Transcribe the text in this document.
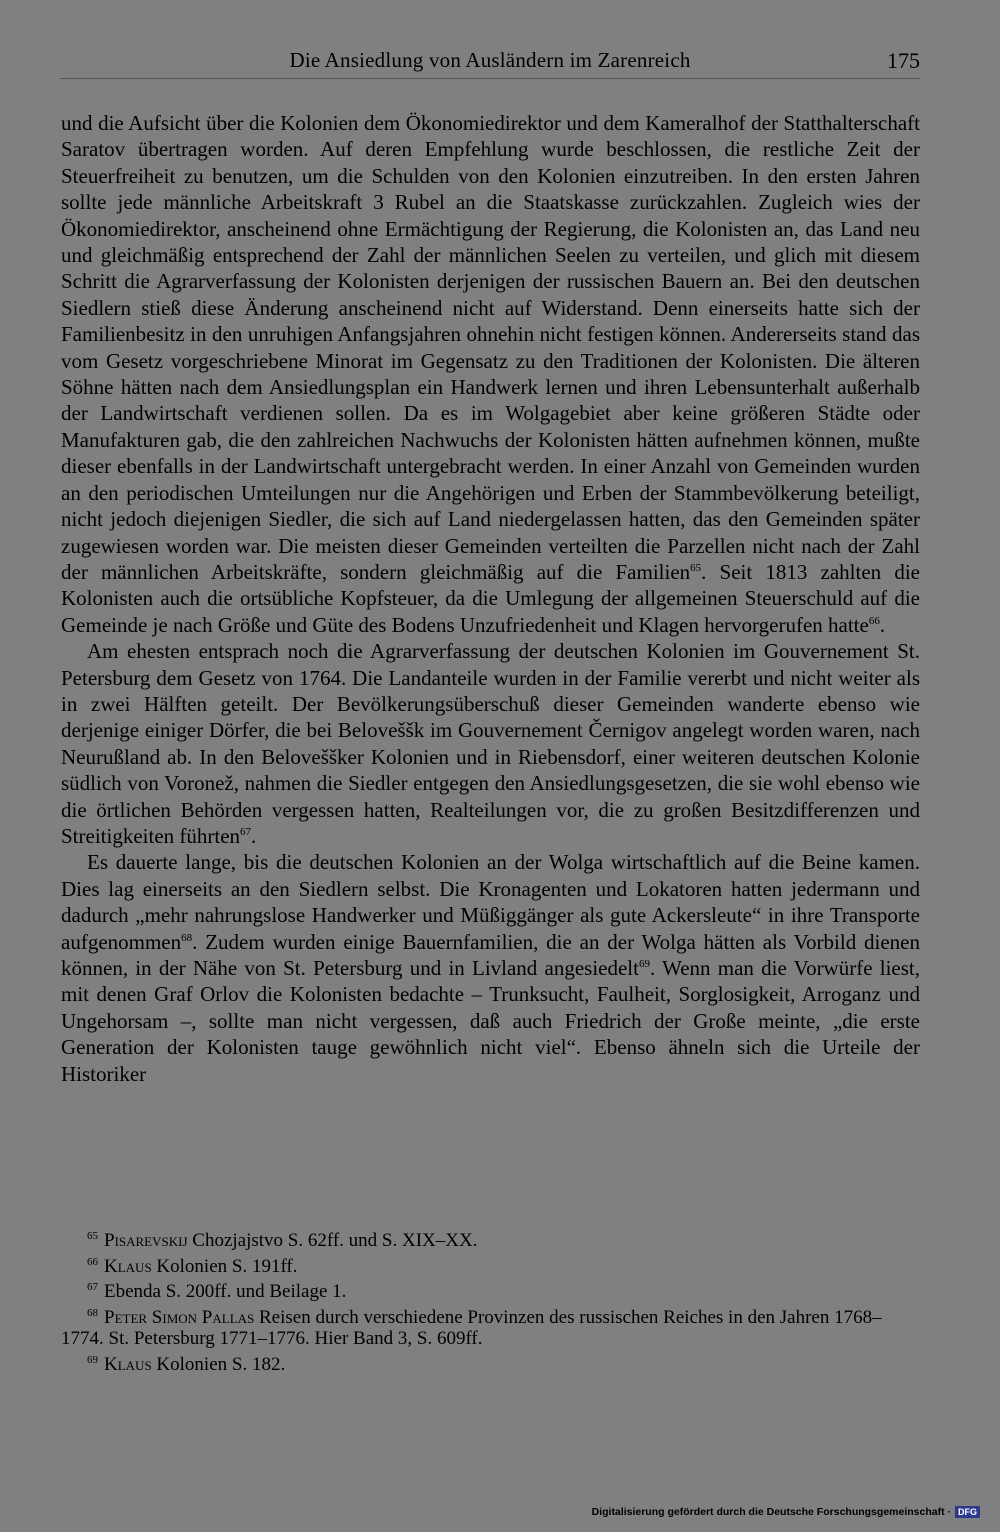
Die Ansiedlung von Ausländern im Zarenreich	175

und die Aufsicht über die Kolonien dem Ökonomiedirektor und dem Kameralhof der Statthalterschaft Saratov übertragen worden. Auf deren Empfehlung wurde beschlossen, die restliche Zeit der Steuerfreiheit zu benutzen, um die Schulden von den Kolonien einzutreiben. In den ersten Jahren sollte jede männliche Arbeitskraft 3 Rubel an die Staatskasse zurückzahlen. Zugleich wies der Ökonomiedirektor, anscheinend ohne Ermächtigung der Regierung, die Kolonisten an, das Land neu und gleichmäßig entsprechend der Zahl der männlichen Seelen zu verteilen, und glich mit diesem Schritt die Agrarverfassung der Kolonisten derjenigen der russischen Bauern an. Bei den deutschen Siedlern stieß diese Änderung anscheinend nicht auf Widerstand. Denn einerseits hatte sich der Familienbesitz in den unruhigen Anfangsjahren ohnehin nicht festigen können. Andererseits stand das vom Gesetz vorgeschriebene Minorat im Gegensatz zu den Traditionen der Kolonisten. Die älteren Söhne hätten nach dem Ansiedlungsplan ein Handwerk lernen und ihren Lebensunterhalt außerhalb der Landwirtschaft verdienen sollen. Da es im Wolgagebiet aber keine größeren Städte oder Manufakturen gab, die den zahlreichen Nachwuchs der Kolonisten hätten aufnehmen können, mußte dieser ebenfalls in der Landwirtschaft untergebracht werden. In einer Anzahl von Gemeinden wurden an den periodischen Umteilungen nur die Angehörigen und Erben der Stammbevölkerung beteiligt, nicht jedoch diejenigen Siedler, die sich auf Land niedergelassen hatten, das den Gemeinden später zugewiesen worden war. Die meisten dieser Gemeinden verteilten die Parzellen nicht nach der Zahl der männlichen Arbeitskräfte, sondern gleichmäßig auf die Familien$^{65}$. Seit 1813 zahlten die Kolonisten auch die ortsübliche Kopfsteuer, da die Umlegung der allgemeinen Steuerschuld auf die Gemeinde je nach Größe und Güte des Bodens Unzufriedenheit und Klagen hervorgerufen hatte$^{66}$.

Am ehesten entsprach noch die Agrarverfassung der deutschen Kolonien im Gouvernement St. Petersburg dem Gesetz von 1764. Die Landanteile wurden in der Familie vererbt und nicht weiter als in zwei Hälften geteilt. Der Bevölkerungsüberschuß dieser Gemeinden wanderte ebenso wie derjenige einiger Dörfer, die bei Beloveššk im Gouvernement Černigov angelegt worden waren, nach Neurußland ab. In den Beloveššker Kolonien und in Riebensdorf, einer weiteren deutschen Kolonie südlich von Voronež, nahmen die Siedler entgegen den Ansiedlungsgesetzen, die sie wohl ebenso wie die örtlichen Behörden vergessen hatten, Realteilungen vor, die zu großen Besitzdifferenzen und Streitigkeiten führten$^{67}$.

Es dauerte lange, bis die deutschen Kolonien an der Wolga wirtschaftlich auf die Beine kamen. Dies lag einerseits an den Siedlern selbst. Die Kronagenten und Lokatoren hatten jedermann und dadurch „mehr nahrungslose Handwerker und Müßiggänger als gute Ackersleute“ in ihre Transporte aufgenommen$^{68}$. Zudem wurden einige Bauernfamilien, die an der Wolga hätten als Vorbild dienen können, in der Nähe von St. Petersburg und in Livland angesiedelt$^{69}$. Wenn man die Vorwürfe liest, mit denen Graf Orlov die Kolonisten bedachte – Trunksucht, Faulheit, Sorglosigkeit, Arroganz und Ungehorsam –, sollte man nicht vergessen, daß auch Friedrich der Große meinte, „die erste Generation der Kolonisten tauge gewöhnlich nicht viel“. Ebenso ähneln sich die Urteile der Historiker

$^{65}$ Pisarevskij Chozjajstvo S. 62ff. und S. XIX–XX.

$^{66}$ Klaus Kolonien S. 191ff.

$^{67}$ Ebenda S. 200ff. und Beilage 1.

$^{68}$ Peter Simon Pallas Reisen durch verschiedene Provinzen des russischen Reiches in den Jahren 1768–1774. St. Petersburg 1771–1776. Hier Band 3, S. 609ff.

$^{69}$ Klaus Kolonien S. 182.

Digitalisierung gefördert durch die Deutsche Forschungsgemeinschaft · DFG
